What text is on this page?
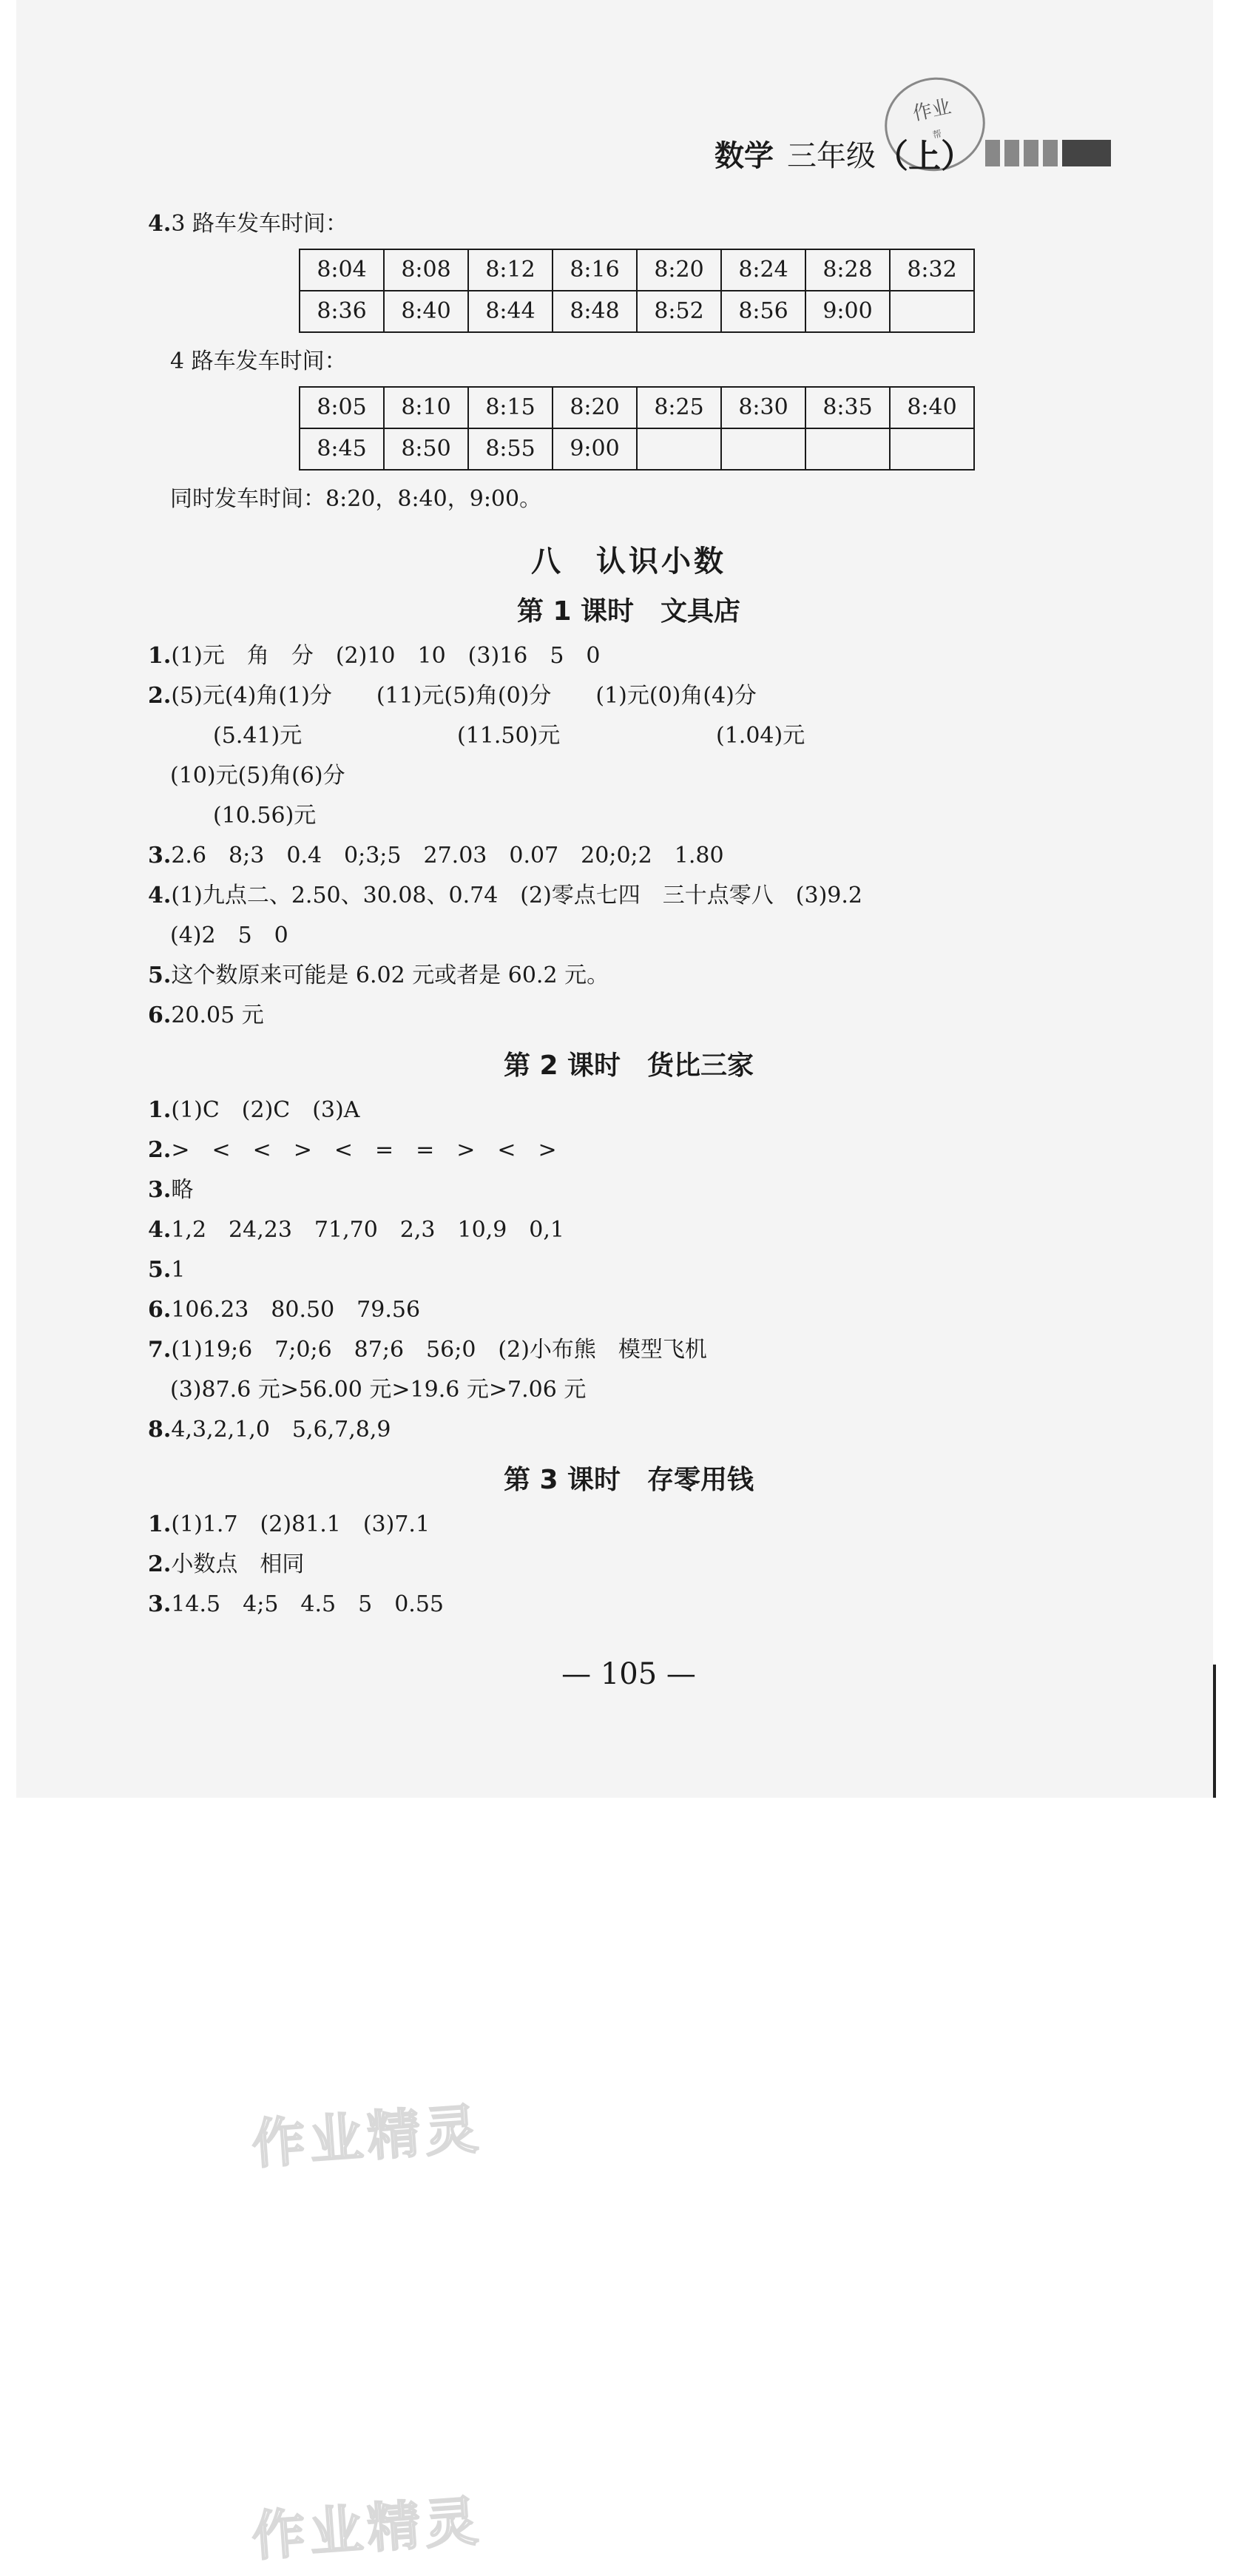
作业
帮
数学 三年级 （上）
4.3 路车发车时间：
8:04	8:08	8:12	8:16	8:20	8:24	8:28	8:32
8:36	8:40	8:44	8:48	8:52	8:56	9:00	
4 路车发车时间：
8:05	8:10	8:15	8:20	8:25	8:30	8:35	8:40
8:45	8:50	8:55	9:00				
同时发车时间：8:20，8:40，9:00。
八　认识小数
第 1 课时　文具店
1.(1)元　角　分　(2)10　10　(3)16　5　0
2.(5)元(4)角(1)分　　(11)元(5)角(0)分　　(1)元(0)角(4)分
(5.41)元	(11.50)元	(1.04)元
(10)元(5)角(6)分
(10.56)元
3.2.6　8;3　0.4　0;3;5　27.03　0.07　20;0;2　1.80
4.(1)九点二、2.50、30.08、0.74　(2)零点七四　三十点零八　(3)9.2
(4)2　5　0
5.这个数原来可能是 6.02 元或者是 60.2 元。
6.20.05 元
第 2 课时　货比三家
1.(1)C　(2)C　(3)A
2.>　<　<　>　<　=　=　>　<　>
3.略
4.1,2　24,23　71,70　2,3　10,9　0,1
5.1
6.106.23　80.50　79.56
7.(1)19;6　7;0;6　87;6　56;0　(2)小布熊　模型飞机
(3)87.6 元>56.00 元>19.6 元>7.06 元
8.4,3,2,1,0　5,6,7,8,9
第 3 课时　存零用钱
1.(1)1.7　(2)81.1　(3)7.1
2.小数点　相同
3.14.5　4;5　4.5　5　0.55
— 105 —
作业精灵
作业精灵
